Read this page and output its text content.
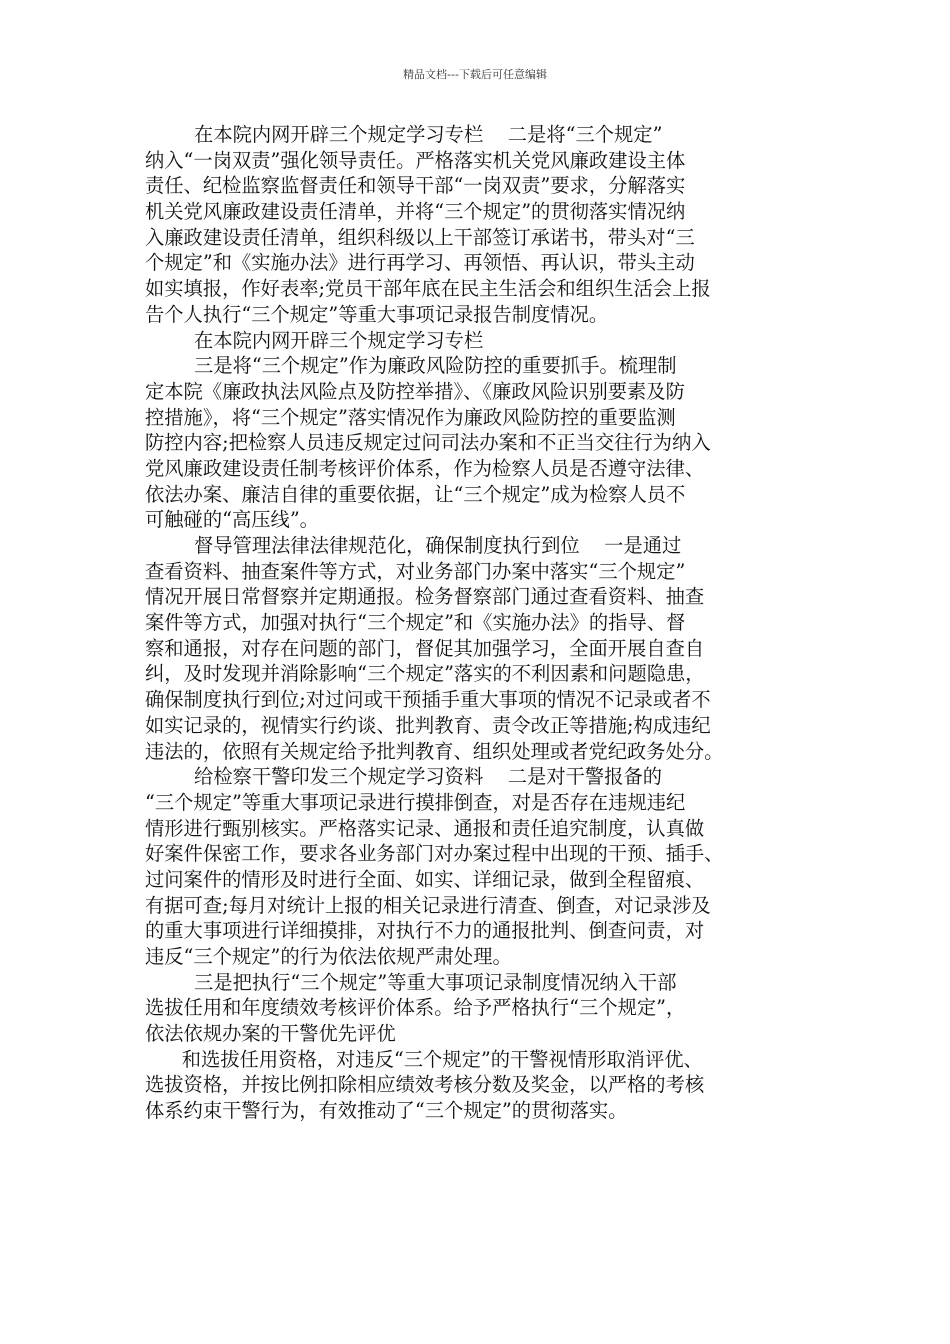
精品文档---下载后可任意编辑
在本院内网开辟三个规定学习专栏    二是将“三个规定”
纳入“一岗双责”强化领导责任。严格落实机关党风廉政建设主体
责任、纪检监察监督责任和领导干部“一岗双责”要求，分解落实
机关党风廉政建设责任清单，并将“三个规定”的贯彻落实情况纳
入廉政建设责任清单，组织科级以上干部签订承诺书，带头对“三
个规定”和《实施办法》进行再学习、再领悟、再认识，带头主动
如实填报，作好表率;党员干部年底在民主生活会和组织生活会上报
告个人执行“三个规定”等重大事项记录报告制度情况。
在本院内网开辟三个规定学习专栏
三是将“三个规定”作为廉政风险防控的重要抓手。梳理制
定本院《廉政执法风险点及防控举措》、《廉政风险识别要素及防
控措施》，将“三个规定”落实情况作为廉政风险防控的重要监测
防控内容;把检察人员违反规定过问司法办案和不正当交往行为纳入
党风廉政建设责任制考核评价体系，作为检察人员是否遵守法律、
依法办案、廉洁自律的重要依据，让“三个规定”成为检察人员不
可触碰的“高压线”。
督导管理法律法律规范化，确保制度执行到位    一是通过
查看资料、抽查案件等方式，对业务部门办案中落实“三个规定”
情况开展日常督察并定期通报。检务督察部门通过查看资料、抽查
案件等方式，加强对执行“三个规定”和《实施办法》的指导、督
察和通报，对存在问题的部门，督促其加强学习，全面开展自查自
纠，及时发现并消除影响“三个规定”落实的不利因素和问题隐患，
确保制度执行到位;对过问或干预插手重大事项的情况不记录或者不
如实记录的，视情实行约谈、批判教育、责令改正等措施;构成违纪
违法的，依照有关规定给予批判教育、组织处理或者党纪政务处分。
给检察干警印发三个规定学习资料    二是对干警报备的
“三个规定”等重大事项记录进行摸排倒查，对是否存在违规违纪
情形进行甄别核实。严格落实记录、通报和责任追究制度，认真做
好案件保密工作，要求各业务部门对办案过程中出现的干预、插手、
过问案件的情形及时进行全面、如实、详细记录，做到全程留痕、
有据可查;每月对统计上报的相关记录进行清查、倒查，对记录涉及
的重大事项进行详细摸排，对执行不力的通报批判、倒查问责，对
违反“三个规定”的行为依法依规严肃处理。
三是把执行“三个规定”等重大事项记录制度情况纳入干部
选拔任用和年度绩效考核评价体系。给予严格执行“三个规定”，
依法依规办案的干警优先评优
和选拔任用资格，对违反“三个规定”的干警视情形取消评优、
选拔资格，并按比例扣除相应绩效考核分数及奖金，以严格的考核
体系约束干警行为，有效推动了“三个规定”的贯彻落实。
